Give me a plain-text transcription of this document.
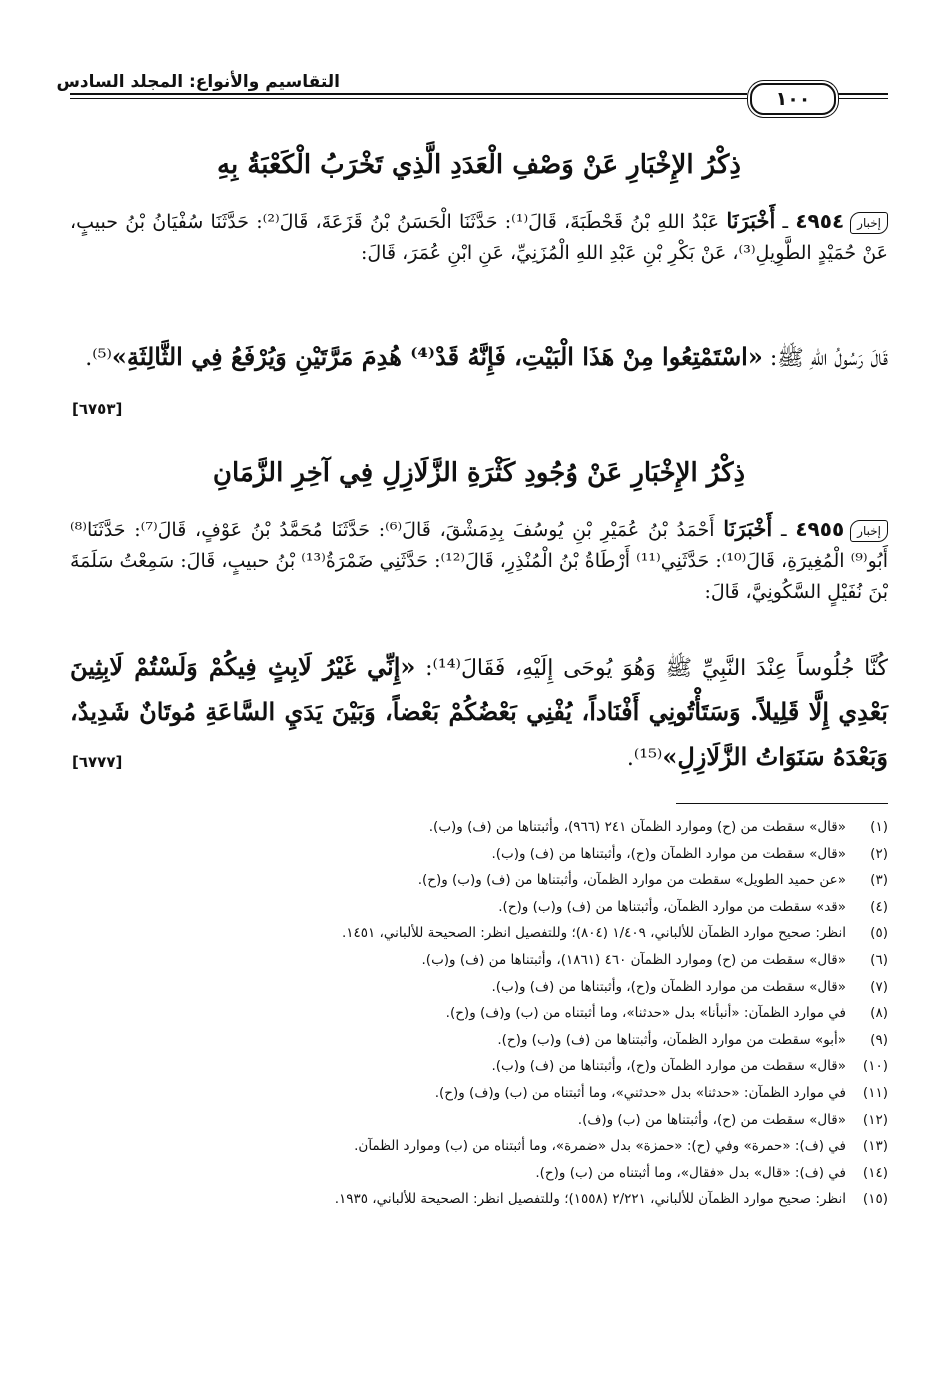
التقاسيم والأنواع: المجلد السادس
١٠٠
ذِكْرُ الإِخْبَارِ عَنْ وَصْفِ الْعَدَدِ الَّذِي تَخْرَبُ الْكَعْبَةُ بِهِ
إخبار٤٩٥٤ ـ أَخْبَرَنَا عَبْدُ اللهِ بْنُ قَحْطَبَةَ، قَالَ⁽¹⁾: حَدَّثَنَا الْحَسَنُ بْنُ قَزَعَةَ، قَالَ⁽²⁾: حَدَّثَنَا سُفْيَانُ بْنُ حبيبٍ، عَنْ حُمَيْدٍ الطَّوِيلِ⁽³⁾، عَنْ بَكْرِ بْنِ عَبْدِ اللهِ الْمُزَنِيِّ، عَنِ ابْنِ عُمَرَ، قَالَ:
قَالَ رَسُولُ اللهِ ﷺ: «اسْتَمْتِعُوا مِنْ هَذَا الْبَيْتِ، فَإِنَّهُ قَدْ⁽⁴⁾ هُدِمَ مَرَّتَيْنِ وَيُرْفَعُ فِي الثَّالِثَةِ»⁽⁵⁾.
[٦٧٥٣]
ذِكْرُ الإِخْبَارِ عَنْ وُجُودِ كَثْرَةِ الزَّلَازِلِ فِي آخِرِ الزَّمَانِ
إخبار٤٩٥٥ ـ أَخْبَرَنَا أَحْمَدُ بْنُ عُمَيْرِ بْنِ يُوسُفَ بِدِمَشْقَ، قَالَ⁽⁶⁾: حَدَّثَنَا مُحَمَّدُ بْنُ عَوْفٍ، قَالَ⁽⁷⁾: حَدَّثَنَا⁽⁸⁾ أَبُو⁽⁹⁾ الْمُغِيرَةِ، قَالَ⁽¹⁰⁾: حَدَّثَنِي⁽¹¹⁾ أَرْطَاةُ بْنُ الْمُنْذِرِ، قَالَ⁽¹²⁾: حَدَّثَنِي ضَمْرَةُ⁽¹³⁾ بْنُ حبيبٍ، قَالَ: سَمِعْتُ سَلَمَةَ بْنَ نُفَيْلٍ السَّكُونِيَّ، قَالَ:
كُنَّا جُلُوساً عِنْدَ النَّبِيِّ ﷺ وَهُوَ يُوحَى إِلَيْهِ، فَقَالَ⁽¹⁴⁾: «إِنِّي غَيْرُ لَابِثٍ فِيكُمْ وَلَسْتُمْ لَابِثِينَ بَعْدِي إِلَّا قَلِيلاً. وَسَتَأْتُونِي أَفْنَاداً، يُفْنِي بَعْضُكُمْ بَعْضاً، وَبَيْنَ يَدَيِ السَّاعَةِ مُوتَانٌ شَدِيدٌ، وَبَعْدَهُ سَنَوَاتُ الزَّلَازِلِ»⁽¹⁵⁾.
[٦٧٧٧]
(١)
«قال» سقطت من (ح) وموارد الظمآن ٢٤١ (٩٦٦)، وأثبتناها من (ف) و(ب).
(٢)
«قال» سقطت من موارد الظمآن و(ح)، وأثبتناها من (ف) و(ب).
(٣)
«عن حميد الطويل» سقطت من موارد الظمآن، وأثبتناها من (ف) و(ب) و(ح).
(٤)
«قد» سقطت من موارد الظمآن، وأثبتناها من (ف) و(ب) و(ح).
(٥)
انظر: صحيح موارد الظمآن للألباني، ١/٤٠٩ (٨٠٤)؛ وللتفصيل انظر: الصحيحة للألباني، ١٤٥١.
(٦)
«قال» سقطت من (ح) وموارد الظمآن ٤٦٠ (١٨٦١)، وأثبتناها من (ف) و(ب).
(٧)
«قال» سقطت من موارد الظمآن و(ح)، وأثبتناها من (ف) و(ب).
(٨)
في موارد الظمآن: «أنبأنا» بدل «حدثنا»، وما أثبتناه من (ب) و(ف) و(ح).
(٩)
«أبو» سقطت من موارد الظمآن، وأثبتناها من (ف) و(ب) و(ح).
(١٠)
«قال» سقطت من موارد الظمآن و(ح)، وأثبتناها من (ف) و(ب).
(١١)
في موارد الظمآن: «حدثنا» بدل «حدثني»، وما أثبتناه من (ب) و(ف) و(ح).
(١٢)
«قال» سقطت من (ح)، وأثبتناها من (ب) و(ف).
(١٣)
في (ف): «حمرة» وفي (ح): «حمزة» بدل «ضمرة»، وما أثبتناه من (ب) وموارد الظمآن.
(١٤)
في (ف): «قال» بدل «فقال»، وما أثبتناه من (ب) و(ح).
(١٥)
انظر: صحيح موارد الظمآن للألباني، ٢/٢٢١ (١٥٥٨)؛ وللتفصيل انظر: الصحيحة للألباني، ١٩٣٥.
